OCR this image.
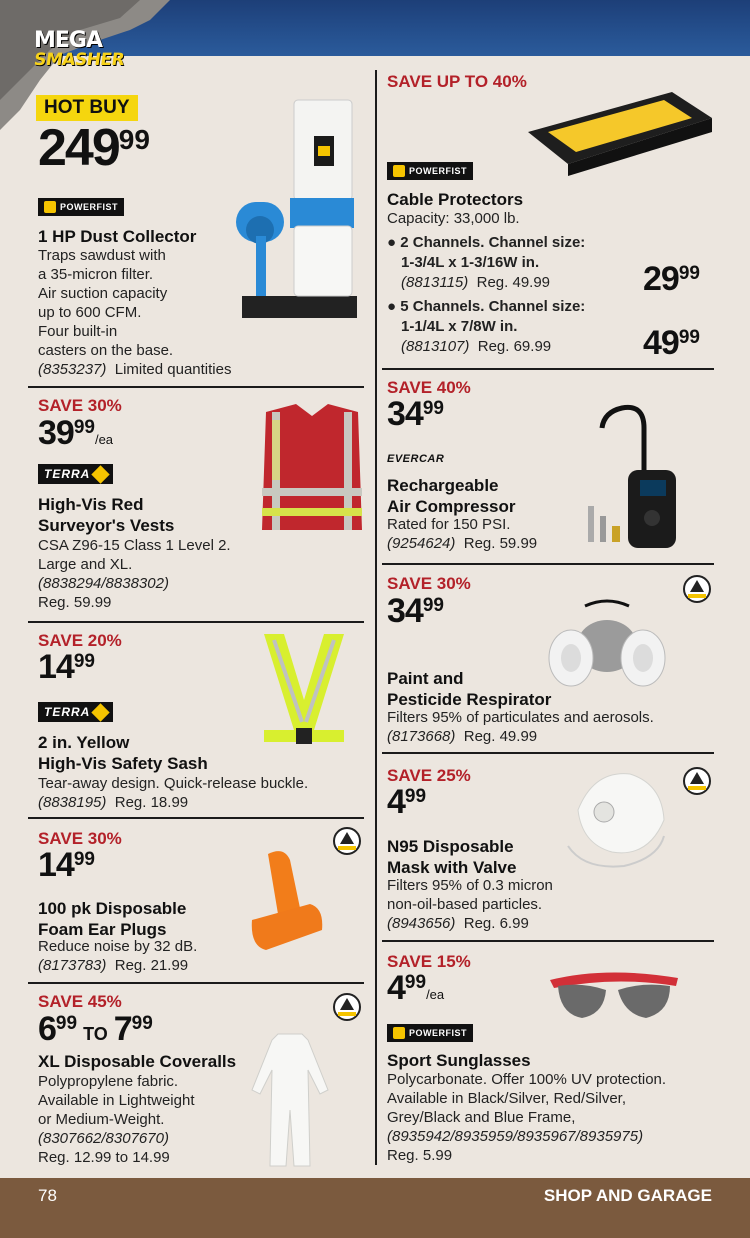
MEGA
SMASHER
HOT BUY
24999
POWERFIST
1 HP Dust Collector
Traps sawdust with
a 35-micron filter.
Air suction capacity
up to 600 CFM.
Four built-in
casters on the base.
(8353237) Limited quantities
SAVE 30%
3999/ea
TERRA
High-Vis Red
Surveyor's Vests
CSA Z96-15 Class 1 Level 2.
Large and XL.
(8838294/8838302)
Reg. 59.99
SAVE 20%
1499
TERRA
2 in. Yellow
High-Vis Safety Sash
Tear-away design. Quick-release buckle.
(8838195) Reg. 18.99
SAVE 30%
1499
100 pk Disposable
Foam Ear Plugs
Reduce noise by 32 dB.
(8173783) Reg. 21.99
SAVE 45%
699 TO 799
XL Disposable Coveralls
Polypropylene fabric.
Available in Lightweight
or Medium-Weight.
(8307662/8307670)
Reg. 12.99 to 14.99
SAVE UP TO 40%
POWERFIST
Cable Protectors
Capacity: 33,000 lb.
● 2 Channels. Channel size:
1-3/4L x 1-3/16W in.
(8813115) Reg. 49.99	2999
● 5 Channels. Channel size:
1-1/4L x 7/8W in.
(8813107) Reg. 69.99	4999
SAVE 40%
3499
EVERCAR
Rechargeable
Air Compressor
Rated for 150 PSI.
(9254624) Reg. 59.99
SAVE 30%
3499
Paint and
Pesticide Respirator
Filters 95% of particulates and aerosols.
(8173668) Reg. 49.99
SAVE 25%
499
N95 Disposable
Mask with Valve
Filters 95% of 0.3 micron
non-oil-based particles.
(8943656) Reg. 6.99
SAVE 15%
499/ea
POWERFIST
Sport Sunglasses
Polycarbonate. Offer 100% UV protection.
Available in Black/Silver, Red/Silver,
Grey/Black and Blue Frame,
(8935942/8935959/8935967/8935975)
Reg. 5.99
78	SHOP AND GARAGE
